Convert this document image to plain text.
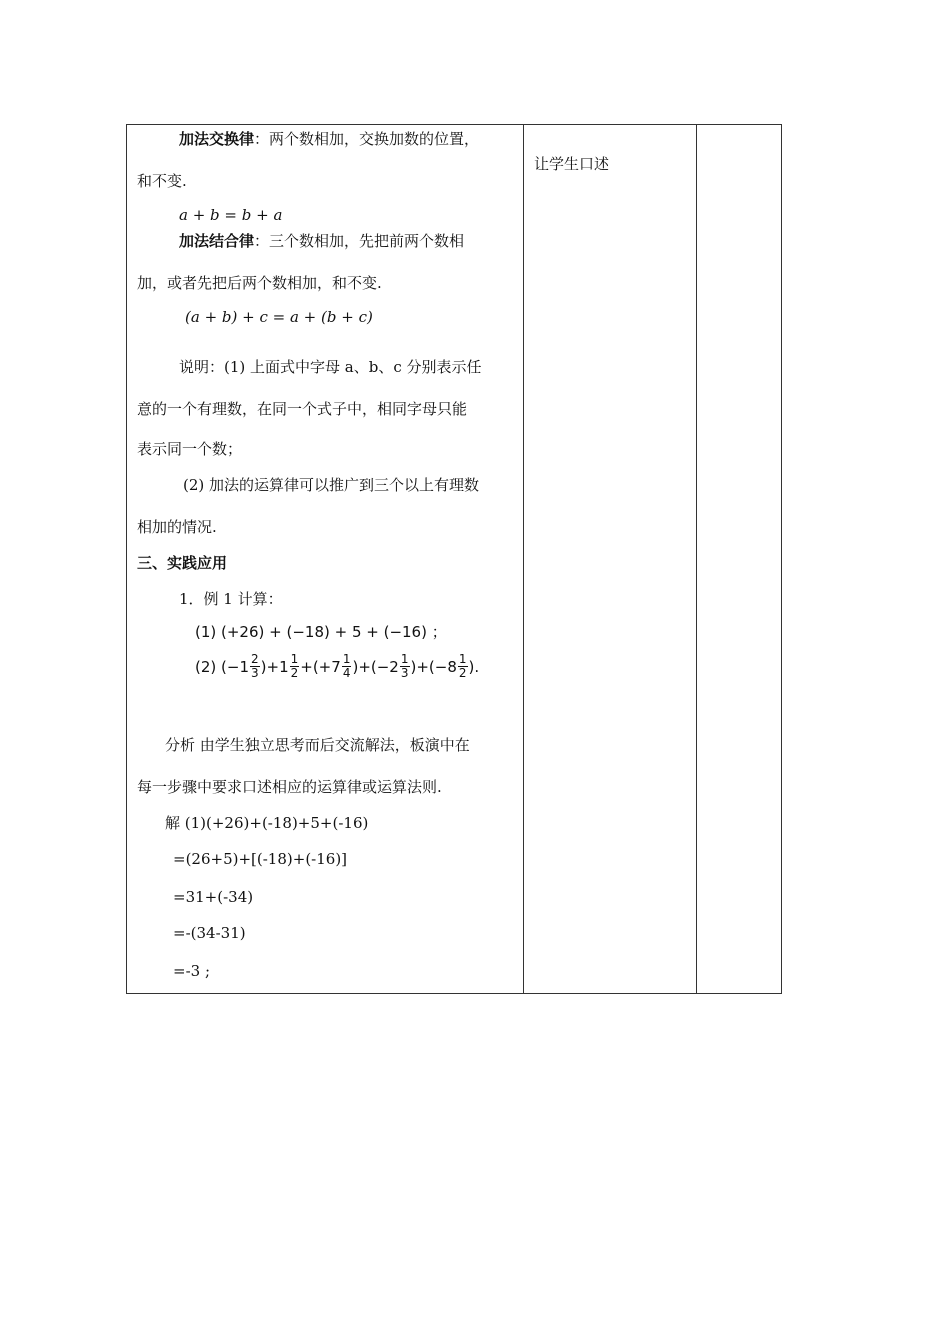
加法交换律：两个数相加，交换加数的位置，
和不变.
a + b = b + a
加法结合律：三个数相加，先把前两个数相
加，或者先把后两个数相加，和不变.
(a + b) + c = a + (b + c)
说明：(1) 上面式中字母 a、b、c 分别表示任
意的一个有理数，在同一个式子中，相同字母只能
表示同一个数；
(2) 加法的运算律可以推广到三个以上有理数
相加的情况.
三、实践应用
1．例 1 计算：
(1) (+26) + (−18) + 5 + (−16) ；
(2)
($-1 \frac{2}{3}$ ) $+1 \frac{1}{2} +(+7 \frac{1}{4}$ ) $+(-2 \frac{1}{3}$ ) $+(-8 \frac{1}{2}$ ) .
分析 由学生独立思考而后交流解法，板演中在
每一步骤中要求口述相应的运算律或运算法则.
解 (1)(+26)+(-18)+5+(-16)
=(26+5)+[(-18)+(-16)]
=31+(-34)
=-(34-31)
=-3 ;

让学生口述
